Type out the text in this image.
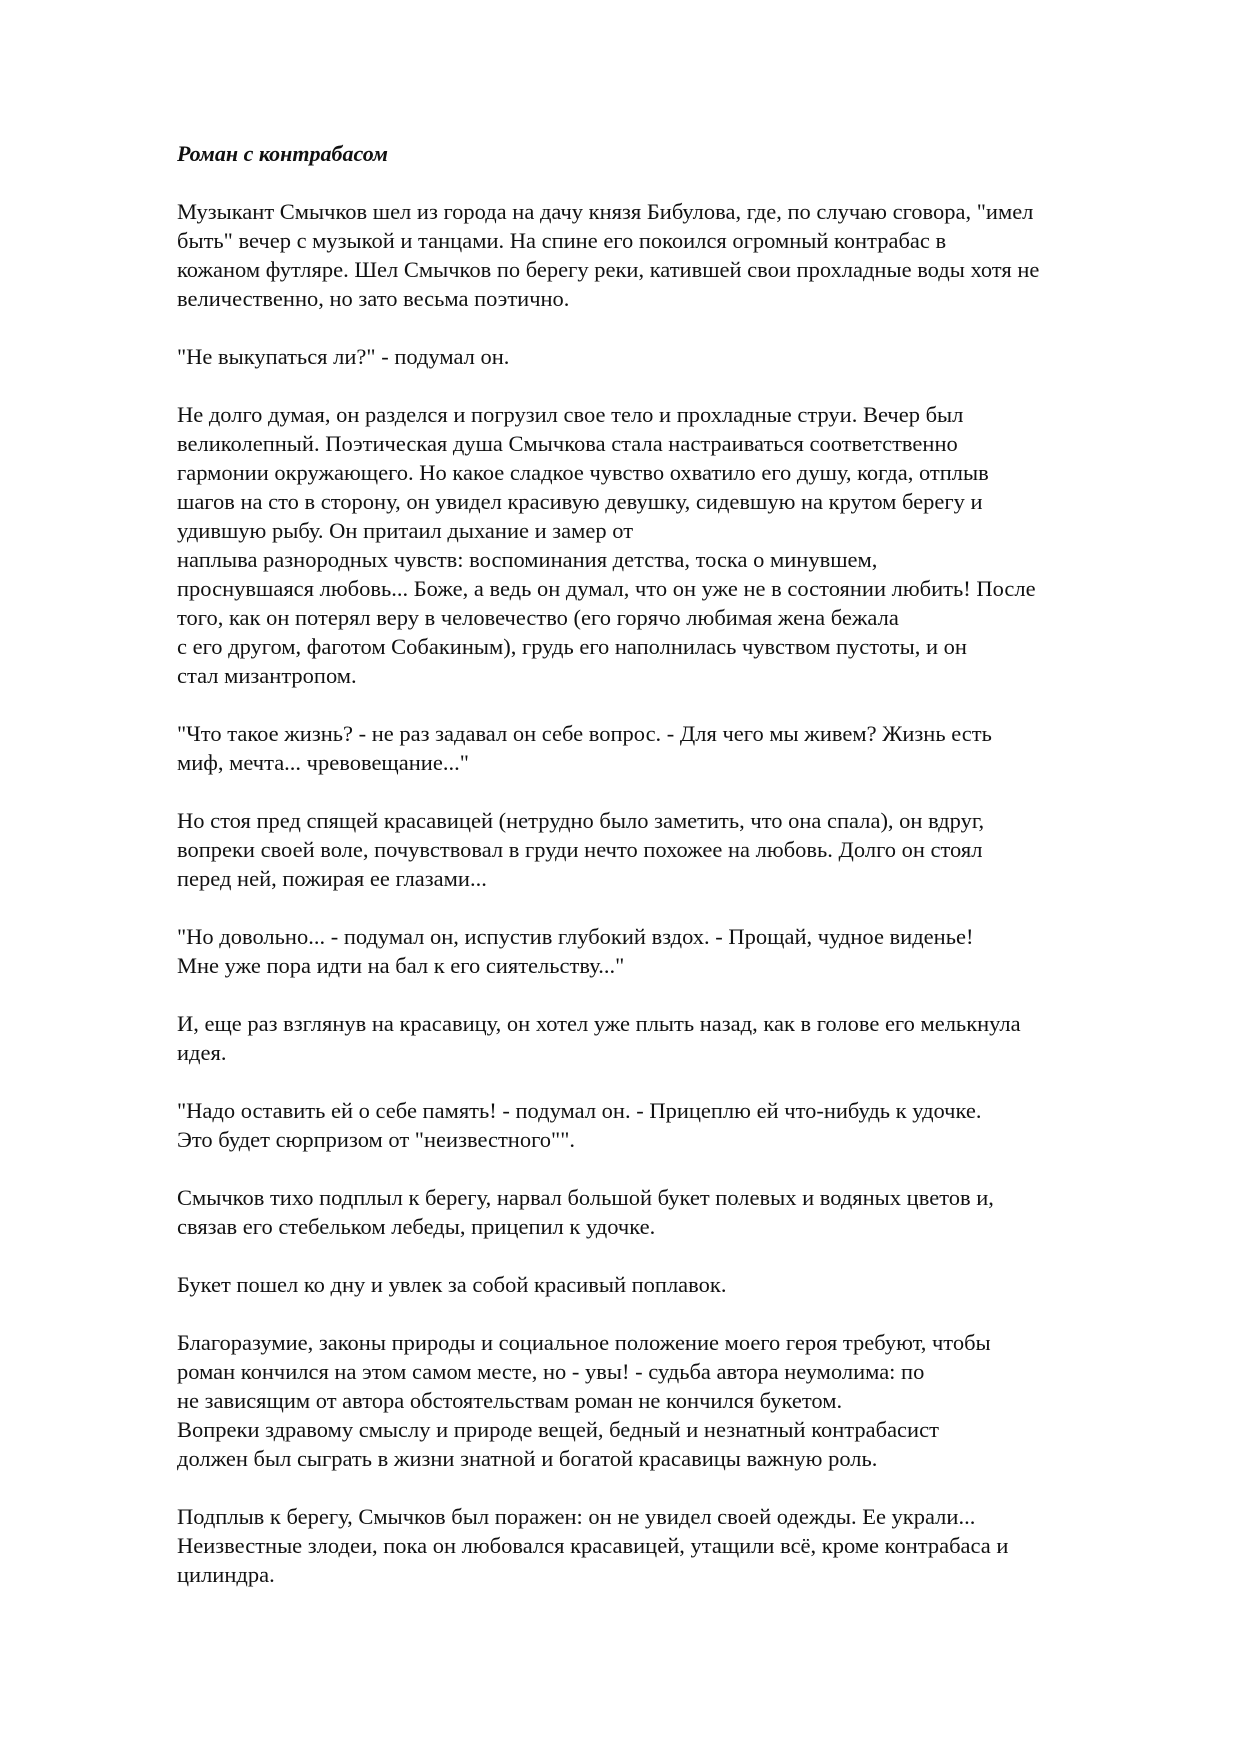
Роман с контрабасом
Музыкант Смычков шел из города на дачу князя Бибулова, где, по случаю сговора, "имел
быть" вечер с музыкой и танцами. На спине его покоился огромный контрабас в
кожаном футляре. Шел Смычков по берегу реки, катившей свои прохладные воды хотя не
величественно, но зато весьма поэтично.
"Не выкупаться ли?" - подумал он.
Не долго думая, он разделся и погрузил свое тело и прохладные струи. Вечер был
великолепный. Поэтическая душа Смычкова стала настраиваться соответственно
гармонии окружающего. Но какое сладкое чувство охватило его душу, когда, отплыв
шагов на сто в сторону, он увидел красивую девушку, сидевшую на крутом берегу и
удившую рыбу. Он притаил дыхание и замер от
наплыва разнородных чувств: воспоминания детства, тоска о минувшем,
проснувшаяся любовь... Боже, а ведь он думал, что он уже не в состоянии любить! После
того, как он потерял веру в человечество (его горячо любимая жена бежала
с его другом, фаготом Собакиным), грудь его наполнилась чувством пустоты, и он
стал мизантропом.
"Что такое жизнь? - не раз задавал он себе вопрос. - Для чего мы живем? Жизнь есть
миф, мечта... чревовещание..."
Но стоя пред спящей красавицей (нетрудно было заметить, что она спала), он вдруг,
вопреки своей воле, почувствовал в груди нечто похожее на любовь. Долго он стоял
перед ней, пожирая ее глазами...
"Но довольно... - подумал он, испустив глубокий вздох. - Прощай, чудное виденье!
Мне уже пора идти на бал к его сиятельству..."
И, еще раз взглянув на красавицу, он хотел уже плыть назад, как в голове его мелькнула
идея.
"Надо оставить ей о себе память! - подумал он. - Прицеплю ей что-нибудь к удочке.
Это будет сюрпризом от "неизвестного"".
Смычков тихо подплыл к берегу, нарвал большой букет полевых и водяных цветов и,
связав его стебельком лебеды, прицепил к удочке.
Букет пошел ко дну и увлек за собой красивый поплавок.
Благоразумие, законы природы и социальное положение моего героя требуют, чтобы
роман кончился на этом самом месте, но - увы! - судьба автора неумолима: по
не зависящим от автора обстоятельствам роман не кончился букетом.
Вопреки здравому смыслу и природе вещей, бедный и незнатный контрабасист
должен был сыграть в жизни знатной и богатой красавицы важную роль.
Подплыв к берегу, Смычков был поражен: он не увидел своей одежды. Ее украли...
Неизвестные злодеи, пока он любовался красавицей, утащили всё, кроме контрабаса и
цилиндра.
